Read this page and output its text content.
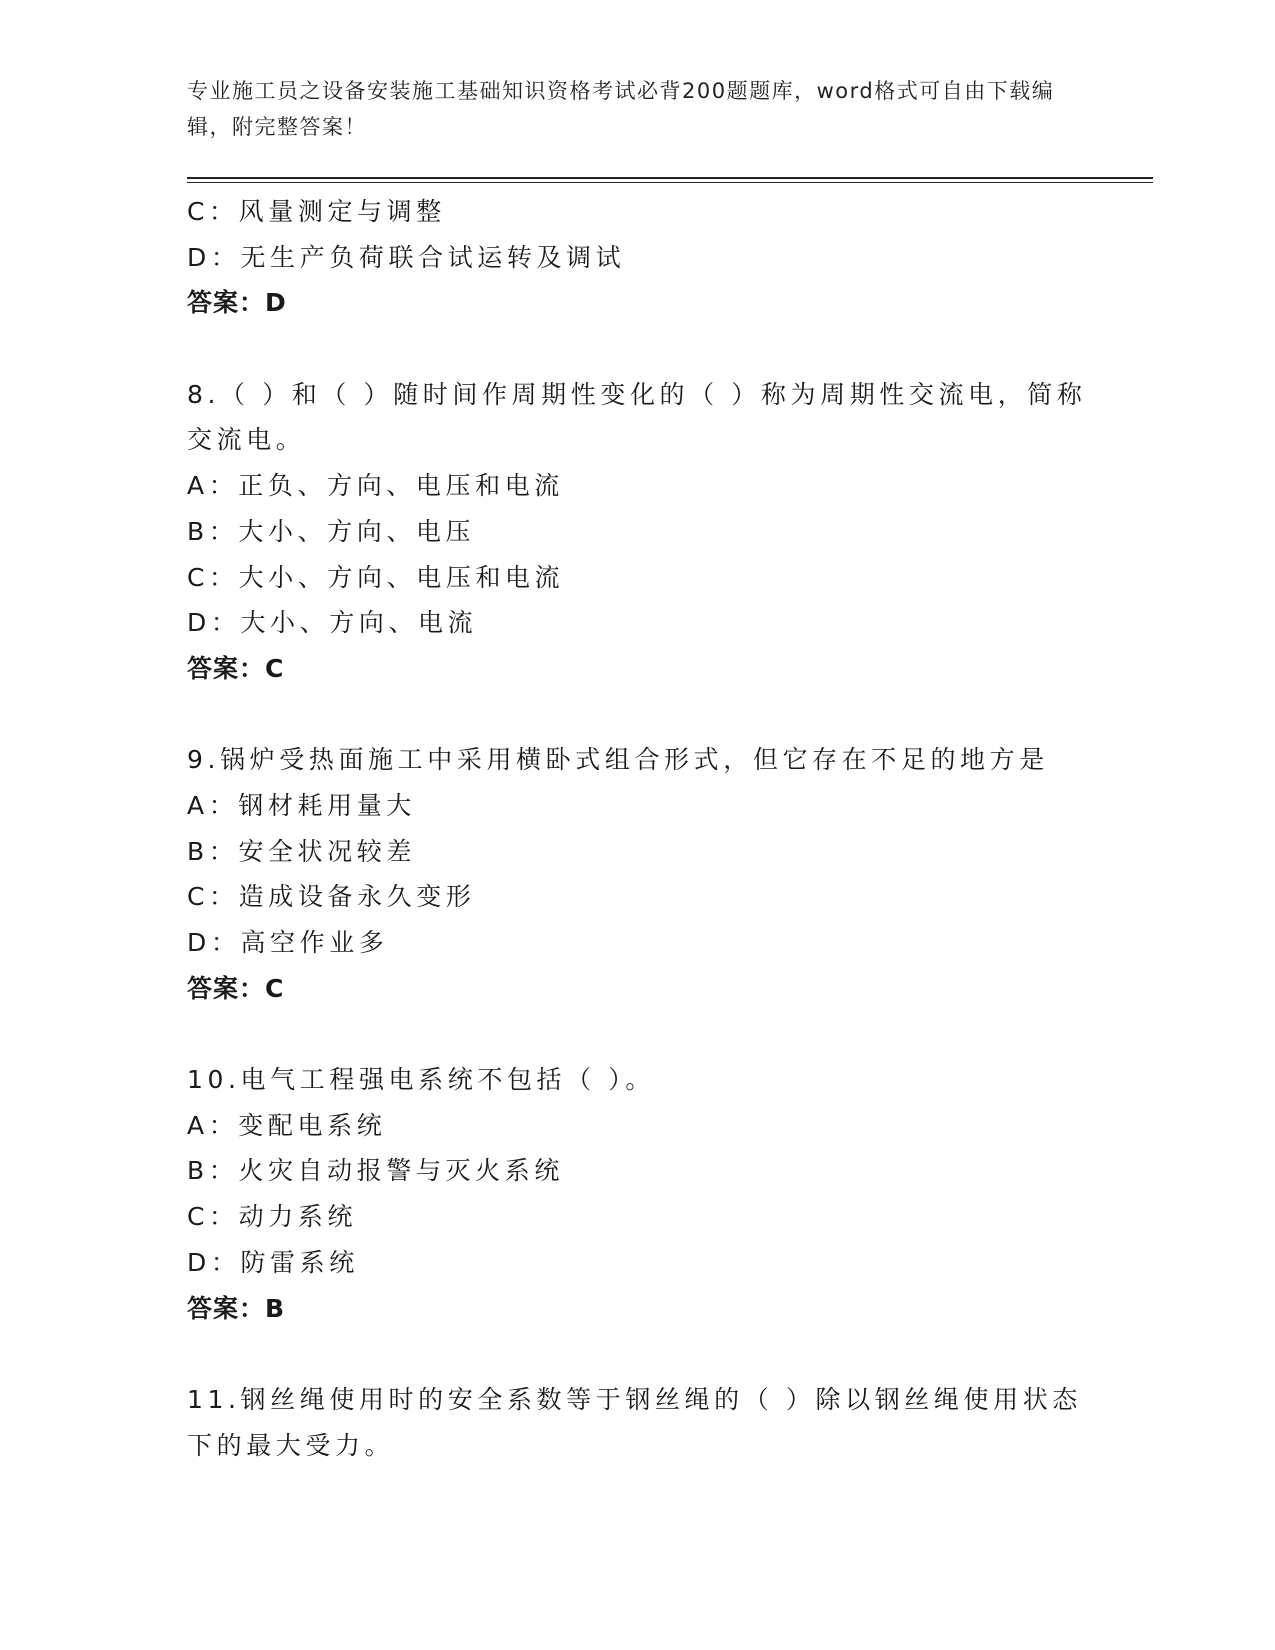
专业施工员之设备安装施工基础知识资格考试必背200题题库，word格式可自由下载编辑，附完整答案！
C：风量测定与调整
D：无生产负荷联合试运转及调试
答案：D
8.（ ）和（ ）随时间作周期性变化的（ ）称为周期性交流电，简称
交流电。
A：正负、方向、电压和电流
B：大小、方向、电压
C：大小、方向、电压和电流
D：大小、方向、电流
答案：C
9.锅炉受热面施工中采用横卧式组合形式，但它存在不足的地方是
A：钢材耗用量大
B：安全状况较差
C：造成设备永久变形
D：高空作业多
答案：C
10.电气工程强电系统不包括（ ）。
A：变配电系统
B：火灾自动报警与灭火系统
C：动力系统
D：防雷系统
答案：B
11.钢丝绳使用时的安全系数等于钢丝绳的（ ）除以钢丝绳使用状态
下的最大受力。
